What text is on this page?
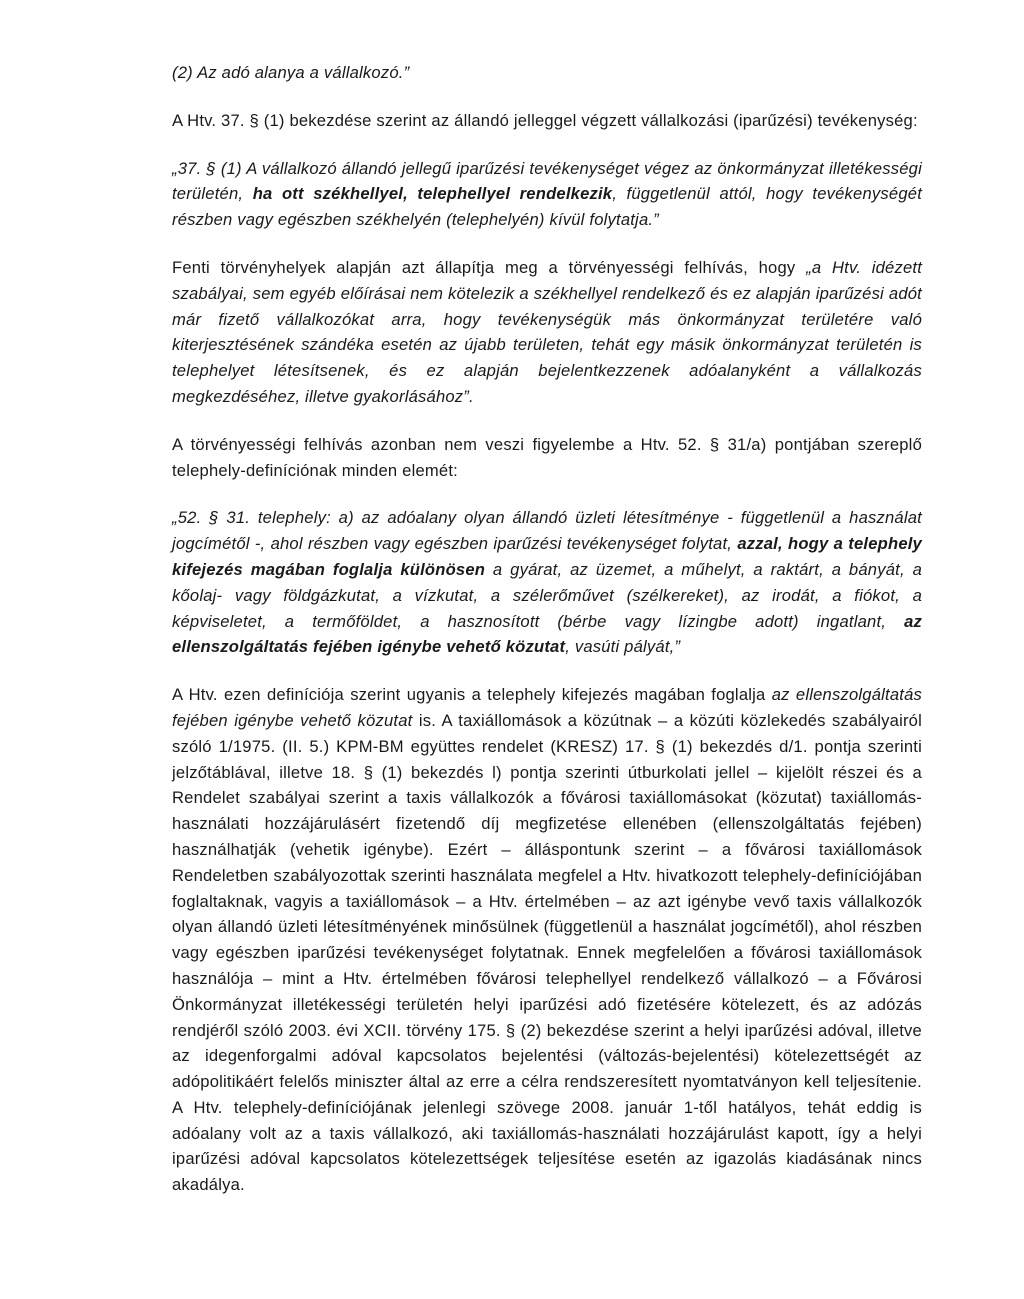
(2) Az adó alanya a vállalkozó.”

A Htv. 37. § (1) bekezdése szerint az állandó jelleggel végzett vállalkozási (iparűzési) tevékenység:

„37. § (1) A vállalkozó állandó jellegű iparűzési tevékenységet végez az önkormányzat illetékességi területén, ha ott székhellyel, telephellyel rendelkezik, függetlenül attól, hogy tevékenységét részben vagy egészben székhelyén (telephelyén) kívül folytatja.”

Fenti törvényhelyek alapján azt állapítja meg a törvényességi felhívás, hogy „a Htv. idézett szabályai, sem egyéb előírásai nem kötelezik a székhellyel rendelkező és ez alapján iparűzési adót már fizető vállalkozókat arra, hogy tevékenységük más önkormányzat területére való kiterjesztésének szándéka esetén az újabb területen, tehát egy másik önkormányzat területén is telephelyet létesítsenek, és ez alapján bejelentkezzenek adóalanyként a vállalkozás megkezdéséhez, illetve gyakorlásához”.

A törvényességi felhívás azonban nem veszi figyelembe a Htv. 52. § 31/a) pontjában szereplő telephely-definíciónak minden elemét:

„52. § 31. telephely: a) az adóalany olyan állandó üzleti létesítménye - függetlenül a használat jogcímétől -, ahol részben vagy egészben iparűzési tevékenységet folytat, azzal, hogy a telephely kifejezés magában foglalja különösen a gyárat, az üzemet, a műhelyt, a raktárt, a bányát, a kőolaj- vagy földgázkutat, a vízkutat, a szélerőművet (szélkereket), az irodát, a fiókot, a képviseletet, a termőföldet, a hasznosított (bérbe vagy lízingbe adott) ingatlant, az ellenszolgáltatás fejében igénybe vehető közutat, vasúti pályát,”

A Htv. ezen definíciója szerint ugyanis a telephely kifejezés magában foglalja az ellenszolgáltatás fejében igénybe vehető közutat is. A taxiállomások a közútnak – a közúti közlekedés szabályairól szóló 1/1975. (II. 5.) KPM-BM együttes rendelet (KRESZ) 17. § (1) bekezdés d/1. pontja szerinti jelzőtáblával, illetve 18. § (1) bekezdés l) pontja szerinti útburkolati jellel – kijelölt részei és a Rendelet szabályai szerint a taxis vállalkozók a fővárosi taxiállomásokat (közutat) taxiállomás-használati hozzájárulásért fizetendő díj megfizetése ellenében (ellenszolgáltatás fejében) használhatják (vehetik igénybe). Ezért – álláspontunk szerint – a fővárosi taxiállomások Rendeletben szabályozottak szerinti használata megfelel a Htv. hivatkozott telephely-definíciójában foglaltaknak, vagyis a taxiállomások – a Htv. értelmében – az azt igénybe vevő taxis vállalkozók olyan állandó üzleti létesítményének minősülnek (függetlenül a használat jogcímétől), ahol részben vagy egészben iparűzési tevékenységet folytatnak. Ennek megfelelően a fővárosi taxiállomások használója – mint a Htv. értelmében fővárosi telephellyel rendelkező vállalkozó – a Fővárosi Önkormányzat illetékességi területén helyi iparűzési adó fizetésére kötelezett, és az adózás rendjéről szóló 2003. évi XCII. törvény 175. § (2) bekezdése szerint a helyi iparűzési adóval, illetve az idegenforgalmi adóval kapcsolatos bejelentési (változás-bejelentési) kötelezettségét az adópolitikáért felelős miniszter által az erre a célra rendszeresített nyomtatványon kell teljesítenie. A Htv. telephely-definíciójának jelenlegi szövege 2008. január 1-től hatályos, tehát eddig is adóalany volt az a taxis vállalkozó, aki taxiállomás-használati hozzájárulást kapott, így a helyi iparűzési adóval kapcsolatos kötelezettségek teljesítése esetén az igazolás kiadásának nincs akadálya.
